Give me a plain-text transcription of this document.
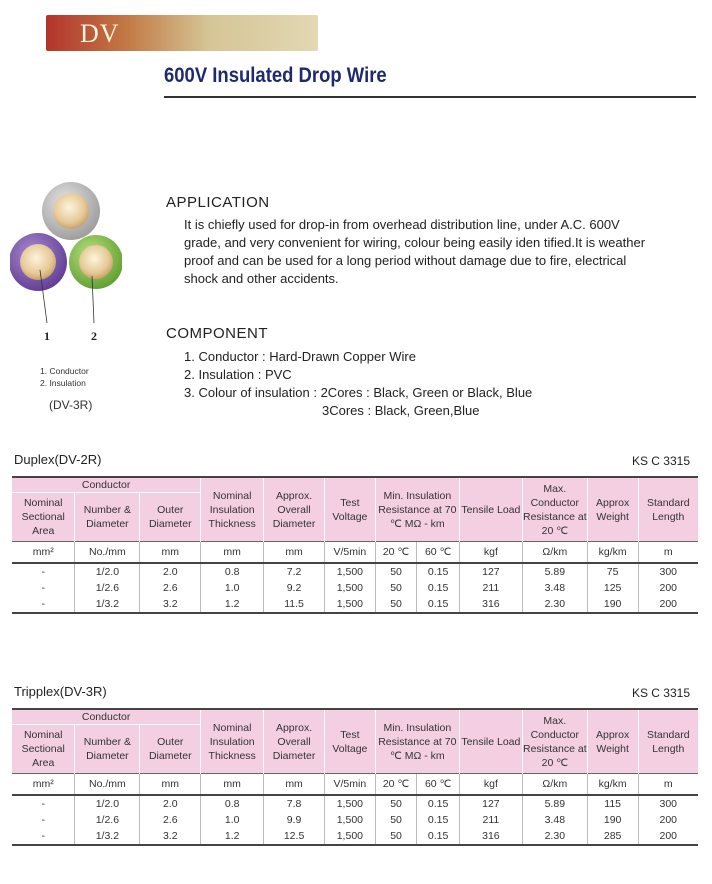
DV
600V Insulated Drop Wire
1	2
1. Conductor
2. Insulation
(DV-3R)
APPLICATION
It is chiefly used for drop-in from overhead distribution line, under A.C. 600V
grade, and very convenient for wiring, colour being easily iden tified.It is weather
proof and can be used for a long period without damage due to fire, electrical
shock and other accidents.
COMPONENT
1. Conductor : Hard-Drawn Copper Wire
2. Insulation : PVC
3. Colour of insulation : 2Cores : Black, Green or Black, Blue
3Cores : Black, Green,Blue
Duplex(DV-2R)	KS C 3315
Conductor			Nominal Insulation Thickness	Approx. Overall Diameter	Test Voltage	Min. Insulation Resistance at 70 ℃ MΩ - km		Tensile Load	Max. Conductor Resistance at 20 ℃	Approx Weight	Standard Length
Nominal Sectional Area	Number & Diameter	Outer Diameter									
mm²	No./mm	mm	mm	mm	V/5min	20 ℃	60 ℃	kgf	Ω/km	kg/km	m
-	1/2.0	2.0	0.8	7.2	1,500	50	0.15	127	5.89	75	300
-	1/2.6	2.6	1.0	9.2	1,500	50	0.15	211	3.48	125	200
-	1/3.2	3.2	1.2	11.5	1,500	50	0.15	316	2.30	190	200
Tripplex(DV-3R)	KS C 3315
Conductor			Nominal Insulation Thickness	Approx. Overall Diameter	Test Voltage	Min. Insulation Resistance at 70 ℃ MΩ - km		Tensile Load	Max. Conductor Resistance at 20 ℃	Approx Weight	Standard Length
Nominal Sectional Area	Number & Diameter	Outer Diameter									
mm²	No./mm	mm	mm	mm	V/5min	20 ℃	60 ℃	kgf	Ω/km	kg/km	m
-	1/2.0	2.0	0.8	7.8	1,500	50	0.15	127	5.89	115	300
-	1/2.6	2.6	1.0	9.9	1,500	50	0.15	211	3.48	190	200
-	1/3.2	3.2	1.2	12.5	1,500	50	0.15	316	2.30	285	200
